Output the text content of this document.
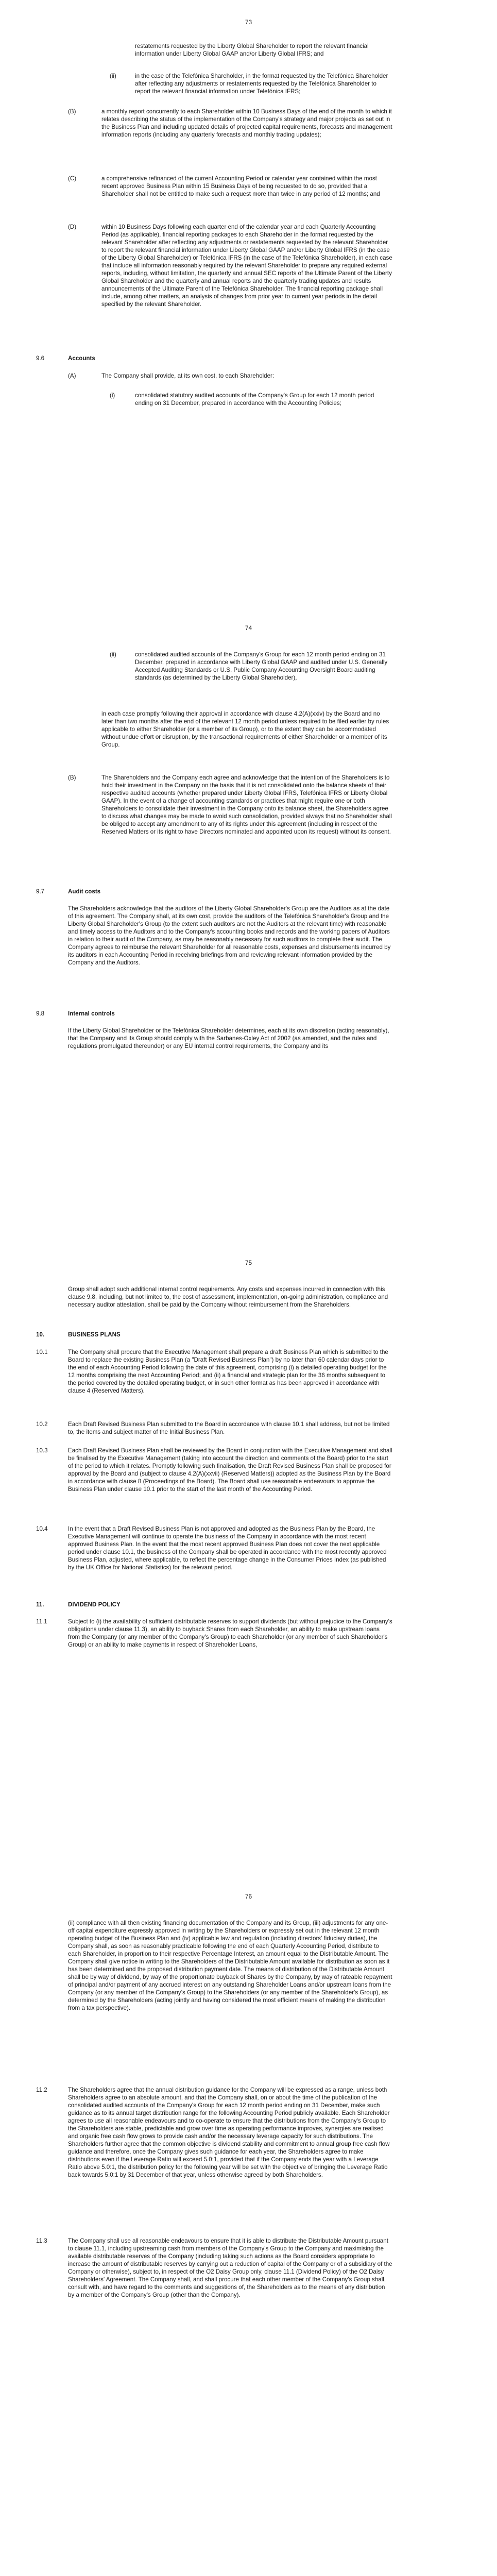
73
restatements requested by the Liberty Global Shareholder to report the relevant financial information under Liberty Global GAAP and/or Liberty Global IFRS; and
(ii)	in the case of the Telefónica Shareholder, in the format requested by the Telefónica Shareholder after reflecting any adjustments or restatements requested by the Telefónica Shareholder to report the relevant financial information under Telefónica IFRS;
(B)	a monthly report concurrently to each Shareholder within 10 Business Days of the end of the month to which it relates describing the status of the implementation of the Company's strategy and major projects as set out in the Business Plan and including updated details of projected capital requirements, forecasts and management information reports (including any quarterly forecasts and monthly trading updates);
(C)	a comprehensive refinanced of the current Accounting Period or calendar year contained within the most recent approved Business Plan within 15 Business Days of being requested to do so, provided that a Shareholder shall not be entitled to make such a request more than twice in any period of 12 months; and
(D)	within 10 Business Days following each quarter end of the calendar year and each Quarterly Accounting Period (as applicable), financial reporting packages to each Shareholder in the format requested by the relevant Shareholder after reflecting any adjustments or restatements requested by the relevant Shareholder to report the relevant financial information under Liberty Global GAAP and/or Liberty Global IFRS (in the case of the Liberty Global Shareholder) or Telefónica IFRS (in the case of the Telefónica Shareholder), in each case that include all information reasonably required by the relevant Shareholder to prepare any required external reports, including, without limitation, the quarterly and annual SEC reports of the Ultimate Parent of the Liberty Global Shareholder and the quarterly and annual reports and the quarterly trading updates and results announcements of the Ultimate Parent of the Telefónica Shareholder. The financial reporting package shall include, among other matters, an analysis of changes from prior year to current year periods in the detail specified by the relevant Shareholder.
9.6	Accounts
(A)	The Company shall provide, at its own cost, to each Shareholder:
(i)	consolidated statutory audited accounts of the Company's Group for each 12 month period ending on 31 December, prepared in accordance with the Accounting Policies;
74
(ii)	consolidated audited accounts of the Company's Group for each 12 month period ending on 31 December, prepared in accordance with Liberty Global GAAP and audited under U.S. Generally Accepted Auditing Standards or U.S. Public Company Accounting Oversight Board auditing standards (as determined by the Liberty Global Shareholder),
in each case promptly following their approval in accordance with clause 4.2(A)(xxiv) by the Board and no later than two months after the end of the relevant 12 month period unless required to be filed earlier by rules applicable to either Shareholder (or a member of its Group), or to the extent they can be accommodated without undue effort or disruption, by the transactional requirements of either Shareholder or a member of its Group.
(B)	The Shareholders and the Company each agree and acknowledge that the intention of the Shareholders is to hold their investment in the Company on the basis that it is not consolidated onto the balance sheets of their respective audited accounts (whether prepared under Liberty Global IFRS, Telefónica IFRS or Liberty Global GAAP). In the event of a change of accounting standards or practices that might require one or both Shareholders to consolidate their investment in the Company onto its balance sheet, the Shareholders agree to discuss what changes may be made to avoid such consolidation, provided always that no Shareholder shall be obliged to accept any amendment to any of its rights under this agreement (including in respect of the Reserved Matters or its right to have Directors nominated and appointed upon its request) without its consent.
9.7	Audit costs
The Shareholders acknowledge that the auditors of the Liberty Global Shareholder's Group are the Auditors as at the date of this agreement. The Company shall, at its own cost, provide the auditors of the Telefónica Shareholder's Group and the Liberty Global Shareholder's Group (to the extent such auditors are not the Auditors at the relevant time) with reasonable and timely access to the Auditors and to the Company's accounting books and records and the working papers of Auditors in relation to their audit of the Company, as may be reasonably necessary for such auditors to complete their audit. The Company agrees to reimburse the relevant Shareholder for all reasonable costs, expenses and disbursements incurred by its auditors in each Accounting Period in receiving briefings from and reviewing relevant information provided by the Company and the Auditors.
9.8	Internal controls
If the Liberty Global Shareholder or the Telefónica Shareholder determines, each at its own discretion (acting reasonably), that the Company and its Group should comply with the Sarbanes-Oxley Act of 2002 (as amended, and the rules and regulations promulgated thereunder) or any EU internal control requirements, the Company and its
75
Group shall adopt such additional internal control requirements. Any costs and expenses incurred in connection with this clause 9.8, including, but not limited to, the cost of assessment, implementation, on-going administration, compliance and necessary auditor attestation, shall be paid by the Company without reimbursement from the Shareholders.
10.	BUSINESS PLANS
10.1	The Company shall procure that the Executive Management shall prepare a draft Business Plan which is submitted to the Board to replace the existing Business Plan (a "Draft Revised Business Plan") by no later than 60 calendar days prior to the end of each Accounting Period following the date of this agreement, comprising (i) a detailed operating budget for the 12 months comprising the next Accounting Period; and (ii) a financial and strategic plan for the 36 months subsequent to the period covered by the detailed operating budget, or in such other format as has been approved in accordance with clause 4 (Reserved Matters).
10.2	Each Draft Revised Business Plan submitted to the Board in accordance with clause 10.1 shall address, but not be limited to, the items and subject matter of the Initial Business Plan.
10.3	Each Draft Revised Business Plan shall be reviewed by the Board in conjunction with the Executive Management and shall be finalised by the Executive Management (taking into account the direction and comments of the Board) prior to the start of the period to which it relates. Promptly following such finalisation, the Draft Revised Business Plan shall be proposed for approval by the Board and (subject to clause 4.2(A)(xxvii) (Reserved Matters)) adopted as the Business Plan by the Board in accordance with clause 8 (Proceedings of the Board). The Board shall use reasonable endeavours to approve the Business Plan under clause 10.1 prior to the start of the last month of the Accounting Period.
10.4	In the event that a Draft Revised Business Plan is not approved and adopted as the Business Plan by the Board, the Executive Management will continue to operate the business of the Company in accordance with the most recent approved Business Plan. In the event that the most recent approved Business Plan does not cover the next applicable period under clause 10.1, the business of the Company shall be operated in accordance with the most recently approved Business Plan, adjusted, where applicable, to reflect the percentage change in the Consumer Prices Index (as published by the UK Office for National Statistics) for the relevant period.
11.	DIVIDEND POLICY
11.1	Subject to (i) the availability of sufficient distributable reserves to support dividends (but without prejudice to the Company's obligations under clause 11.3), an ability to buyback Shares from each Shareholder, an ability to make upstream loans from the Company (or any member of the Company's Group) to each Shareholder (or any member of such Shareholder's Group) or an ability to make payments in respect of Shareholder Loans,
76
(ii) compliance with all then existing financing documentation of the Company and its Group, (iii) adjustments for any one-off capital expenditure expressly approved in writing by the Shareholders or expressly set out in the relevant 12 month operating budget of the Business Plan and (iv) applicable law and regulation (including directors' fiduciary duties), the Company shall, as soon as reasonably practicable following the end of each Quarterly Accounting Period, distribute to each Shareholder, in proportion to their respective Percentage Interest, an amount equal to the Distributable Amount. The Company shall give notice in writing to the Shareholders of the Distributable Amount available for distribution as soon as it has been determined and the proposed distribution payment date. The means of distribution of the Distributable Amount shall be by way of dividend, by way of the proportionate buyback of Shares by the Company, by way of rateable repayment of principal and/or payment of any accrued interest on any outstanding Shareholder Loans and/or upstream loans from the Company (or any member of the Company's Group) to the Shareholders (or any member of the Shareholder's Group), as determined by the Shareholders (acting jointly and having considered the most efficient means of making the distribution from a tax perspective).
11.2	The Shareholders agree that the annual distribution guidance for the Company will be expressed as a range, unless both Shareholders agree to an absolute amount, and that the Company shall, on or about the time of the publication of the consolidated audited accounts of the Company's Group for each 12 month period ending on 31 December, make such guidance as to its annual target distribution range for the following Accounting Period publicly available. Each Shareholder agrees to use all reasonable endeavours and to co-operate to ensure that the distributions from the Company's Group to the Shareholders are stable, predictable and grow over time as operating performance improves, synergies are realised and organic free cash flow grows to provide cash and/or the necessary leverage capacity for such distributions. The Shareholders further agree that the common objective is dividend stability and commitment to annual group free cash flow guidance and therefore, once the Company gives such guidance for each year, the Shareholders agree to make distributions even if the Leverage Ratio will exceed 5.0:1, provided that if the Company ends the year with a Leverage Ratio above 5.0:1, the distribution policy for the following year will be set with the objective of bringing the Leverage Ratio back towards 5.0:1 by 31 December of that year, unless otherwise agreed by both Shareholders.
11.3	The Company shall use all reasonable endeavours to ensure that it is able to distribute the Distributable Amount pursuant to clause 11.1, including upstreaming cash from members of the Company's Group to the Company and maximising the available distributable reserves of the Company (including taking such actions as the Board considers appropriate to increase the amount of distributable reserves by carrying out a reduction of capital of the Company or of a subsidiary of the Company or otherwise), subject to, in respect of the O2 Daisy Group only, clause 11.1 (Dividend Policy) of the O2 Daisy Shareholders' Agreement. The Company shall, and shall procure that each other member of the Company's Group shall, consult with, and have regard to the comments and suggestions of, the Shareholders as to the means of any distribution by a member of the Company's Group (other than the Company).
